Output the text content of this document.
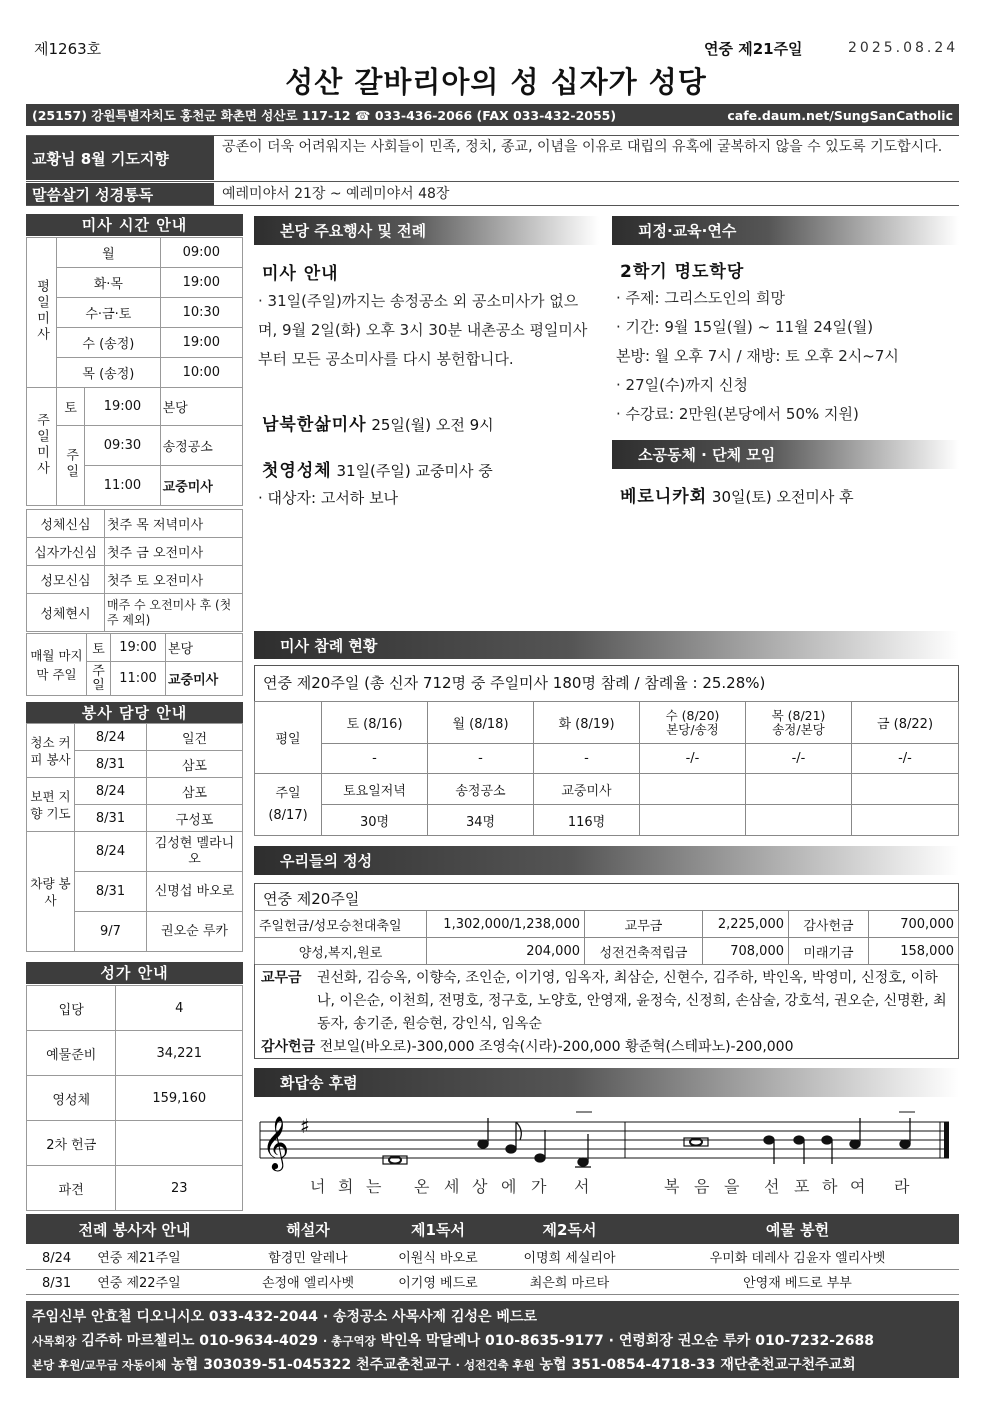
제1263호	연중 제21주일	2025.08.24
성산 갈바리아의 성 십자가 성당
(25157) 강원특별자치도 홍천군 화촌면 성산로 117-12 ☎ 033-436-2066 (FAX 033-432-2055)	cafe.daum.net/SungSanCatholic
교황님 8월 기도지향
공존이 더욱 어려워지는 사회들이 민족, 정치, 종교, 이념을 이유로 대립의 유혹에 굴복하지 않을 수 있도록 기도합시다.
말씀살기 성경통독	예레미야서 21장 ~ 예레미야서 48장
미사 시간 안내
평일미사	월		09:00
	화·목		19:00
	수·금·토		10:30
	수 (송정)		19:00
	목 (송정)		10:00
주일미사	토	19:00	본당
	주일	09:30	송정공소
		11:00	교중미사
성체신심	첫주 목 저녁미사
십자가신심	첫주 금 오전미사
성모신심	첫주 토 오전미사
성체현시	매주 수 오전미사 후 (첫 주 제외)
매월 마지막 주일	토	19:00	본당
	주일	11:00	교중미사
봉사 담당 안내
청소 커피 봉사	8/24	일건
	8/31	삼포
보편 지향 기도	8/24	삼포
	8/31	구성포
차량 봉사	8/24	김성현 멜라니오
	8/31	신명섭 바오로
	9/7	권오순 루카
성가 안내
입당	4
예물준비	34,221
영성체	159,160
2차 헌금	
파견	23
본당 주요행사 및 전례
미사 안내
· 31일(주일)까지는 송정공소 외 공소미사가 없으며, 9월 2일(화) 오후 3시 30분 내촌공소 평일미사부터 모든 공소미사를 다시 봉헌합니다.
남북한삶미사 25일(월) 오전 9시
첫영성체 31일(주일) 교중미사 중
· 대상자: 고서하 보나
피정·교육·연수
2학기 명도학당
· 주제: 그리스도인의 희망
· 기간: 9월 15일(월) ~ 11월 24일(월)
본방: 월 오후 7시 / 재방: 토 오후 2시~7시
· 27일(수)까지 신청
· 수강료: 2만원(본당에서 50% 지원)
소공동체 · 단체 모임
베로니카회 30일(토) 오전미사 후
미사 참례 현황
연중 제20주일 (총 신자 712명 중 주일미사 180명 참례 / 참례율 : 25.28%)
평일	토 (8/16)	월 (8/18)	화 (8/19)	수 (8/20) 본당/송정	목 (8/21) 송정/본당	금 (8/22)
	-	-	-	-/-	-/-	-/-
주일 (8/17)	토요일저녁	송정공소	교중미사			
	30명	34명	116명			
우리들의 정성
연중 제20주일
주일헌금/성모승천대축일	1,302,000/1,238,000	교무금	2,225,000	감사헌금	700,000
양성,복지,원로	204,000	성전건축적립금	708,000	미래기금	158,000
교무금	권선화, 김승옥, 이향숙, 조인순, 이기영, 임옥자, 최삼순, 신현수, 김주하, 박인옥, 박영미, 신정호, 이하나, 이은순, 이천희, 전명호, 정구호, 노양호, 안영재, 윤정숙, 신정희, 손삼술, 강호석, 권오순, 신명환, 최동자, 송기준, 원승현, 강인식, 임옥순
감사헌금 전보일(바오로)-300,000 조영숙(시라)-200,000 황준혁(스테파노)-200,000
화답송 후렴
𝄞 ♯
너 희 는 온 세 상 에 가 서	복 음 을 선 포 하 여 라
전례 봉사자 안내	해설자	제1독서	제2독서	예물 봉헌
8/24 연중 제21주일	함경민 알레나	이원식 바오로	이명희 세실리아	우미화 데레사 김윤자 엘리사벳
8/31 연중 제22주일	손정애 엘리사벳	이기영 베드로	최은희 마르타	안영재 베드로 부부
주임신부 안효철 디오니시오 033-432-2044 · 송정공소 사목사제 김성은 베드로
사목회장 김주하 마르첼리노 010-9634-4029 · 총구역장 박인옥 막달레나 010-8635-9177 · 연령회장 권오순 루카 010-7232-2688
본당 후원/교무금 자동이체 농협 303039-51-045322 천주교춘천교구 · 성전건축 후원 농협 351-0854-4718-33 재단춘천교구천주교회
